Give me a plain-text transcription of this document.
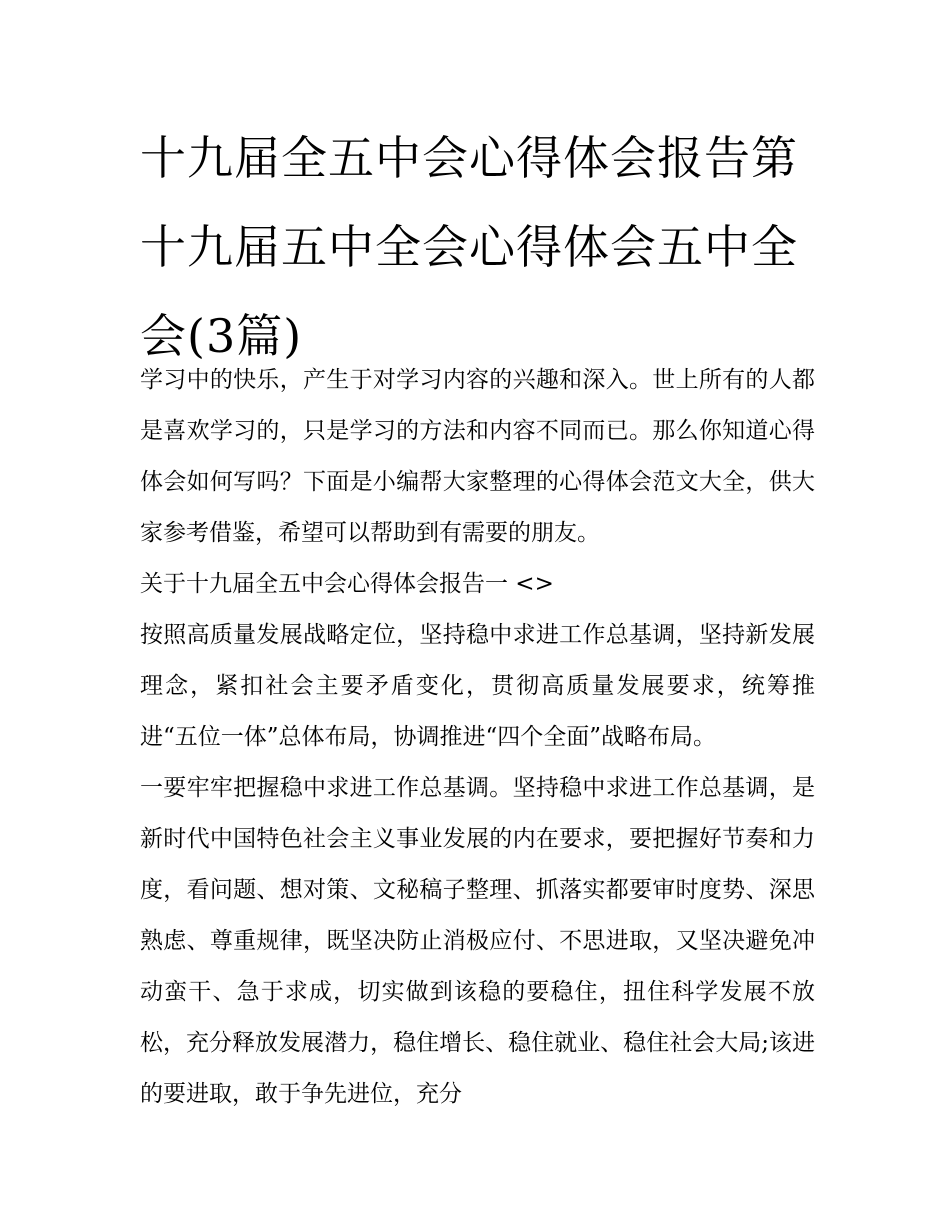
十九届全五中会心得体会报告第十九届五中全会心得体会五中全会(3篇)

学习中的快乐，产生于对学习内容的兴趣和深入。世上所有的人都是喜欢学习的，只是学习的方法和内容不同而已。那么你知道心得体会如何写吗？下面是小编帮大家整理的心得体会范文大全，供大家参考借鉴，希望可以帮助到有需要的朋友。

关于十九届全五中会心得体会报告一 <>

按照高质量发展战略定位，坚持稳中求进工作总基调，坚持新发展理念，紧扣社会主要矛盾变化，贯彻高质量发展要求，统筹推进“五位一体”总体布局，协调推进“四个全面”战略布局。

一要牢牢把握稳中求进工作总基调。坚持稳中求进工作总基调，是新时代中国特色社会主义事业发展的内在要求，要把握好节奏和力度，看问题、想对策、文秘稿子整理、抓落实都要审时度势、深思熟虑、尊重规律，既坚决防止消极应付、不思进取，又坚决避免冲动蛮干、急于求成，切实做到该稳的要稳住，扭住科学发展不放松，充分释放发展潜力，稳住增长、稳住就业、稳住社会大局;该进的要进取，敢于争先进位，充分
